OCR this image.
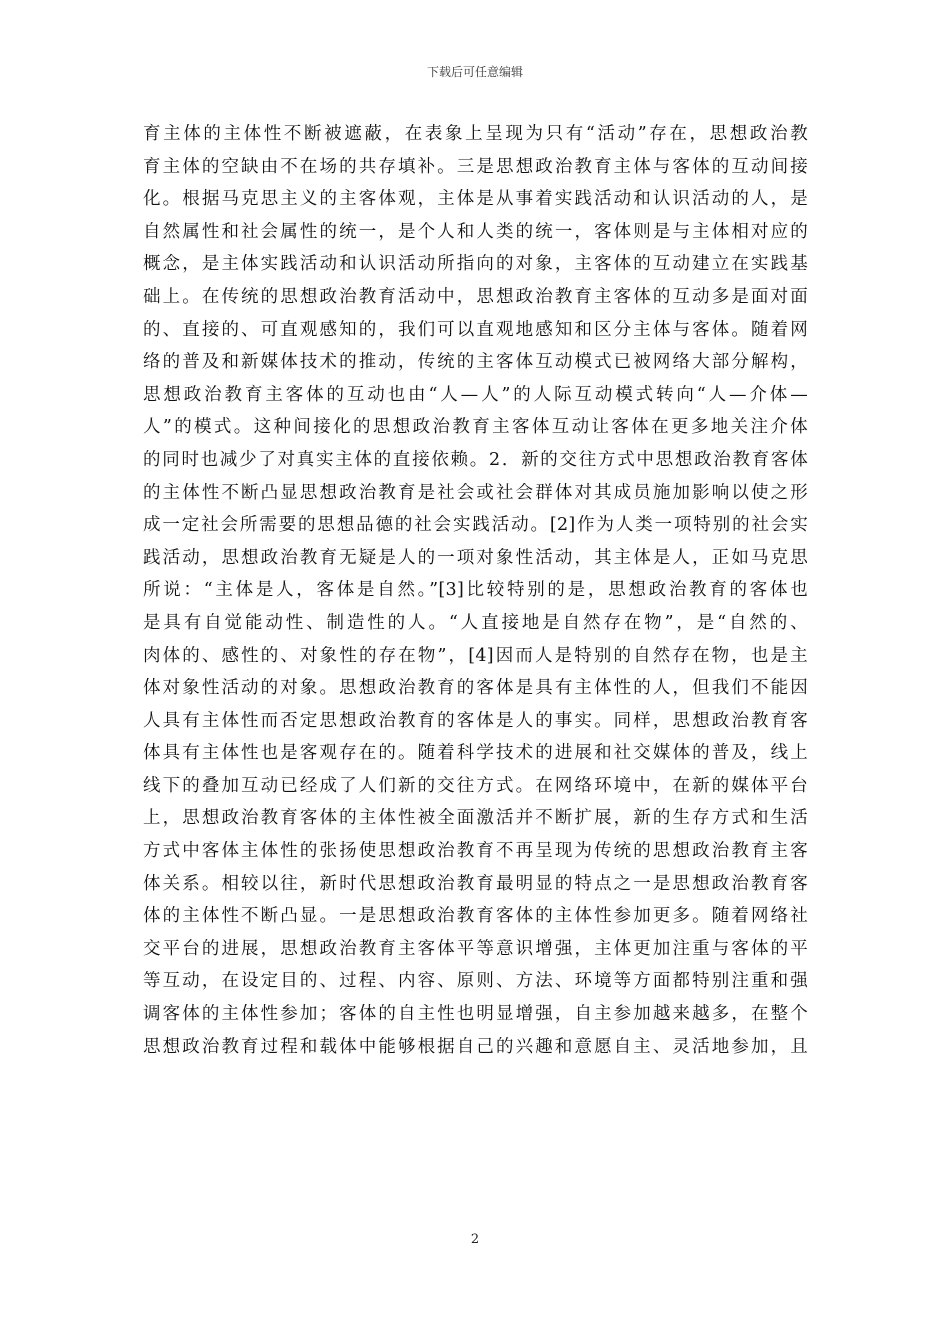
下载后可任意编辑
育主体的主体性不断被遮蔽，在表象上呈现为只有“活动”存在，思想政治教
育主体的空缺由不在场的共存填补。三是思想政治教育主体与客体的互动间接
化。根据马克思主义的主客体观，主体是从事着实践活动和认识活动的人，是
自然属性和社会属性的统一，是个人和人类的统一，客体则是与主体相对应的
概念，是主体实践活动和认识活动所指向的对象，主客体的互动建立在实践基
础上。在传统的思想政治教育活动中，思想政治教育主客体的互动多是面对面
的、直接的、可直观感知的，我们可以直观地感知和区分主体与客体。随着网
络的普及和新媒体技术的推动，传统的主客体互动模式已被网络大部分解构，
思想政治教育主客体的互动也由“人—人”的人际互动模式转向“人—介体—
人”的模式。这种间接化的思想政治教育主客体互动让客体在更多地关注介体
的同时也减少了对真实主体的直接依赖。2．新的交往方式中思想政治教育客体
的主体性不断凸显思想政治教育是社会或社会群体对其成员施加影响以使之形
成一定社会所需要的思想品德的社会实践活动。[2]作为人类一项特别的社会实
践活动，思想政治教育无疑是人的一项对象性活动，其主体是人，正如马克思
所说：“主体是人，客体是自然。”[3]比较特别的是，思想政治教育的客体也
是具有自觉能动性、制造性的人。“人直接地是自然存在物”，是“自然的、
肉体的、感性的、对象性的存在物”，[4]因而人是特别的自然存在物，也是主
体对象性活动的对象。思想政治教育的客体是具有主体性的人，但我们不能因
人具有主体性而否定思想政治教育的客体是人的事实。同样，思想政治教育客
体具有主体性也是客观存在的。随着科学技术的进展和社交媒体的普及，线上
线下的叠加互动已经成了人们新的交往方式。在网络环境中，在新的媒体平台
上，思想政治教育客体的主体性被全面激活并不断扩展，新的生存方式和生活
方式中客体主体性的张扬使思想政治教育不再呈现为传统的思想政治教育主客
体关系。相较以往，新时代思想政治教育最明显的特点之一是思想政治教育客
体的主体性不断凸显。一是思想政治教育客体的主体性参加更多。随着网络社
交平台的进展，思想政治教育主客体平等意识增强，主体更加注重与客体的平
等互动，在设定目的、过程、内容、原则、方法、环境等方面都特别注重和强
调客体的主体性参加；客体的自主性也明显增强，自主参加越来越多，在整个
思想政治教育过程和载体中能够根据自己的兴趣和意愿自主、灵活地参加，且
2
